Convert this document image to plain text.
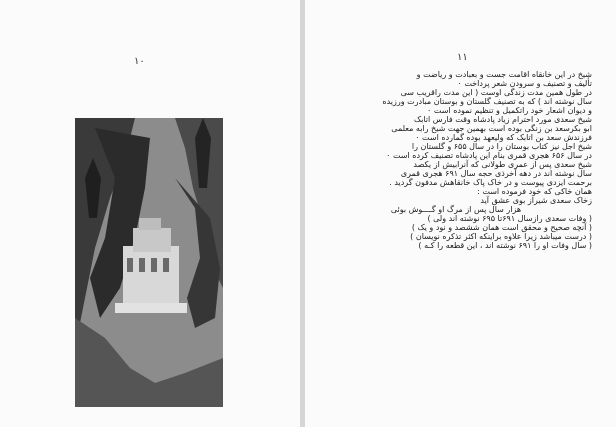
۱۰	۱۱
شیخ در این خانقاه اقامت جست و بعبادت و ریاضت و
تألیف و تصنیف و سرودن شعر پرداخت ۰
در طول همین مدت زندگی اوست ( این مدت راقریب سی
سال نوشته اند ) که به تصنیف گلستان و بوستان مبادرت ورزیده
و دیوان اشعار خود راتکمیل و تنظیم نموده است ۰
شیخ سعدی مورد احترام زیاد پادشاه وقت فارس اتابک
ابو بکرسعد بن زنگی بوده است بهمین جهت شیخ رابه معلمی
فرزندش سعد بن اتابک که ولیعهد بوده گمارده است ۰
شیخ اجل نیز کتاب بوستان را در سال ۶۵۵ و گلستان را
در سال ۶۵۶ هجری قمری بنام این پادشاه تصنیف کرده است ۰
شیخ سعدی پس از عمری طولانی که آنرابیش از یکصد
سال نوشته اند در دهه آخرذی حجه سال ۶۹۱ هجری قمری
برحمت ایزدی پیوست و در خاک پاک خانقاهش مدفون گردید .
همان خاکی که خود فرموده است :
زخاک سعدی شیراز بوی عشق آید
هزار سال پس از مرگ او گــــوش بوئی
( وفات سعدی رازسال ۶۹۱تا ۶۹۵ نوشته اند ولی )
( آنچه صحیح و محقق است همان ششصد و نود و یک )
( درست میباشد زیرا علاوه براینکه اکثر تذکره نویسان )
( سال وفات او را ۶۹۱ نوشته اند ، این قطعه را کـه )
